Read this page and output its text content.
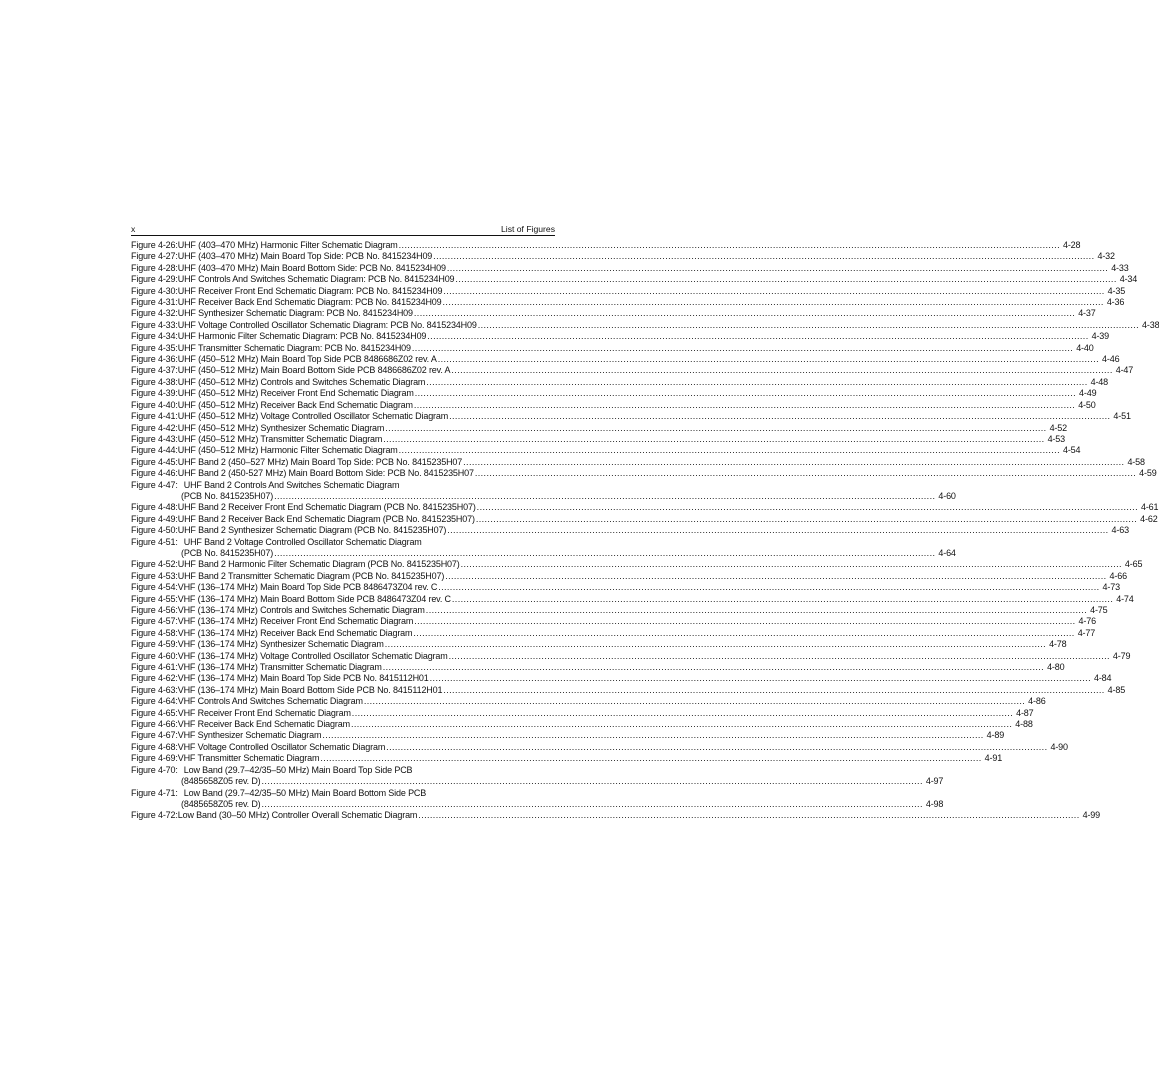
x	List of Figures
Figure 4-26: UHF (403–470 MHz) Harmonic Filter Schematic Diagram .....	4-28
Figure 4-27: UHF (403–470 MHz) Main Board Top Side: PCB No. 8415234H09 .....	4-32
Figure 4-28: UHF (403–470 MHz) Main Board Bottom Side: PCB No. 8415234H09 .....	4-33
Figure 4-29: UHF Controls And Switches Schematic Diagram: PCB No. 8415234H09 .....	4-34
Figure 4-30: UHF Receiver Front End Schematic Diagram: PCB No. 8415234H09 .....	4-35
Figure 4-31: UHF Receiver Back End Schematic Diagram: PCB No. 8415234H09 .....	4-36
Figure 4-32: UHF Synthesizer Schematic Diagram: PCB No. 8415234H09 .....	4-37
Figure 4-33: UHF Voltage Controlled Oscillator Schematic Diagram: PCB No. 8415234H09 .....	4-38
Figure 4-34: UHF Harmonic Filter Schematic Diagram: PCB No. 8415234H09 .....	4-39
Figure 4-35: UHF Transmitter Schematic Diagram: PCB No. 8415234H09 .....	4-40
Figure 4-36: UHF (450–512 MHz) Main Board Top Side PCB 8486686Z02 rev. A .....	4-46
Figure 4-37: UHF (450–512 MHz) Main Board Bottom Side PCB 8486686Z02 rev. A .....	4-47
Figure 4-38: UHF (450–512 MHz) Controls and Switches Schematic Diagram .....	4-48
Figure 4-39: UHF (450–512 MHz) Receiver Front End Schematic Diagram .....	4-49
Figure 4-40: UHF (450–512 MHz) Receiver Back End Schematic Diagram .....	4-50
Figure 4-41: UHF (450–512 MHz) Voltage Controlled Oscillator Schematic Diagram .....	4-51
Figure 4-42: UHF (450–512 MHz) Synthesizer Schematic Diagram .....	4-52
Figure 4-43: UHF (450–512 MHz) Transmitter Schematic Diagram .....	4-53
Figure 4-44: UHF (450–512 MHz) Harmonic Filter Schematic Diagram .....	4-54
Figure 4-45: UHF Band 2 (450–527 MHz) Main Board Top Side: PCB No. 8415235H07 .....	4-58
Figure 4-46: UHF Band 2 (450-527 MHz) Main Board Bottom Side: PCB No. 8415235H07 .....	4-59
Figure 4-47: UHF Band 2 Controls And Switches Schematic Diagram
(PCB No. 8415235H07) .....	4-60
Figure 4-48: UHF Band 2 Receiver Front End Schematic Diagram (PCB No. 8415235H07) .....	4-61
Figure 4-49: UHF Band 2 Receiver Back End Schematic Diagram (PCB No. 8415235H07) .....	4-62
Figure 4-50: UHF Band 2 Synthesizer Schematic Diagram (PCB No. 8415235H07) .....	4-63
Figure 4-51: UHF Band 2 Voltage Controlled Oscillator Schematic Diagram
(PCB No. 8415235H07) .....	4-64
Figure 4-52: UHF Band 2 Harmonic Filter Schematic Diagram (PCB No. 8415235H07) .....	4-65
Figure 4-53: UHF Band 2 Transmitter Schematic Diagram (PCB No. 8415235H07) .....	4-66
Figure 4-54: VHF (136–174 MHz) Main Board Top Side PCB 8486473Z04 rev. C .....	4-73
Figure 4-55: VHF (136–174 MHz) Main Board Bottom Side PCB 8486473Z04 rev. C .....	4-74
Figure 4-56: VHF (136–174 MHz) Controls and Switches Schematic Diagram .....	4-75
Figure 4-57: VHF (136–174 MHz) Receiver Front End Schematic Diagram .....	4-76
Figure 4-58: VHF (136–174 MHz) Receiver Back End Schematic Diagram .....	4-77
Figure 4-59: VHF (136–174 MHz) Synthesizer Schematic Diagram .....	4-78
Figure 4-60: VHF (136–174 MHz) Voltage Controlled Oscillator Schematic Diagram .....	4-79
Figure 4-61: VHF (136–174 MHz) Transmitter Schematic Diagram .....	4-80
Figure 4-62: VHF (136–174 MHz) Main Board Top Side PCB No. 8415112H01 .....	4-84
Figure 4-63: VHF (136–174 MHz) Main Board Bottom Side PCB No. 8415112H01 .....	4-85
Figure 4-64: VHF Controls And Switches Schematic Diagram .....	4-86
Figure 4-65: VHF Receiver Front End Schematic Diagram .....	4-87
Figure 4-66: VHF Receiver Back End Schematic Diagram .....	4-88
Figure 4-67: VHF Synthesizer Schematic Diagram .....	4-89
Figure 4-68: VHF Voltage Controlled Oscillator Schematic Diagram .....	4-90
Figure 4-69: VHF Transmitter Schematic Diagram .....	4-91
Figure 4-70: Low Band (29.7–42/35–50 MHz) Main Board Top Side PCB
(8485658Z05 rev. D) .....	4-97
Figure 4-71: Low Band (29.7–42/35–50 MHz) Main Board Bottom Side PCB
(8485658Z05 rev. D) .....	4-98
Figure 4-72: Low Band (30–50 MHz) Controller Overall Schematic Diagram .....	4-99
